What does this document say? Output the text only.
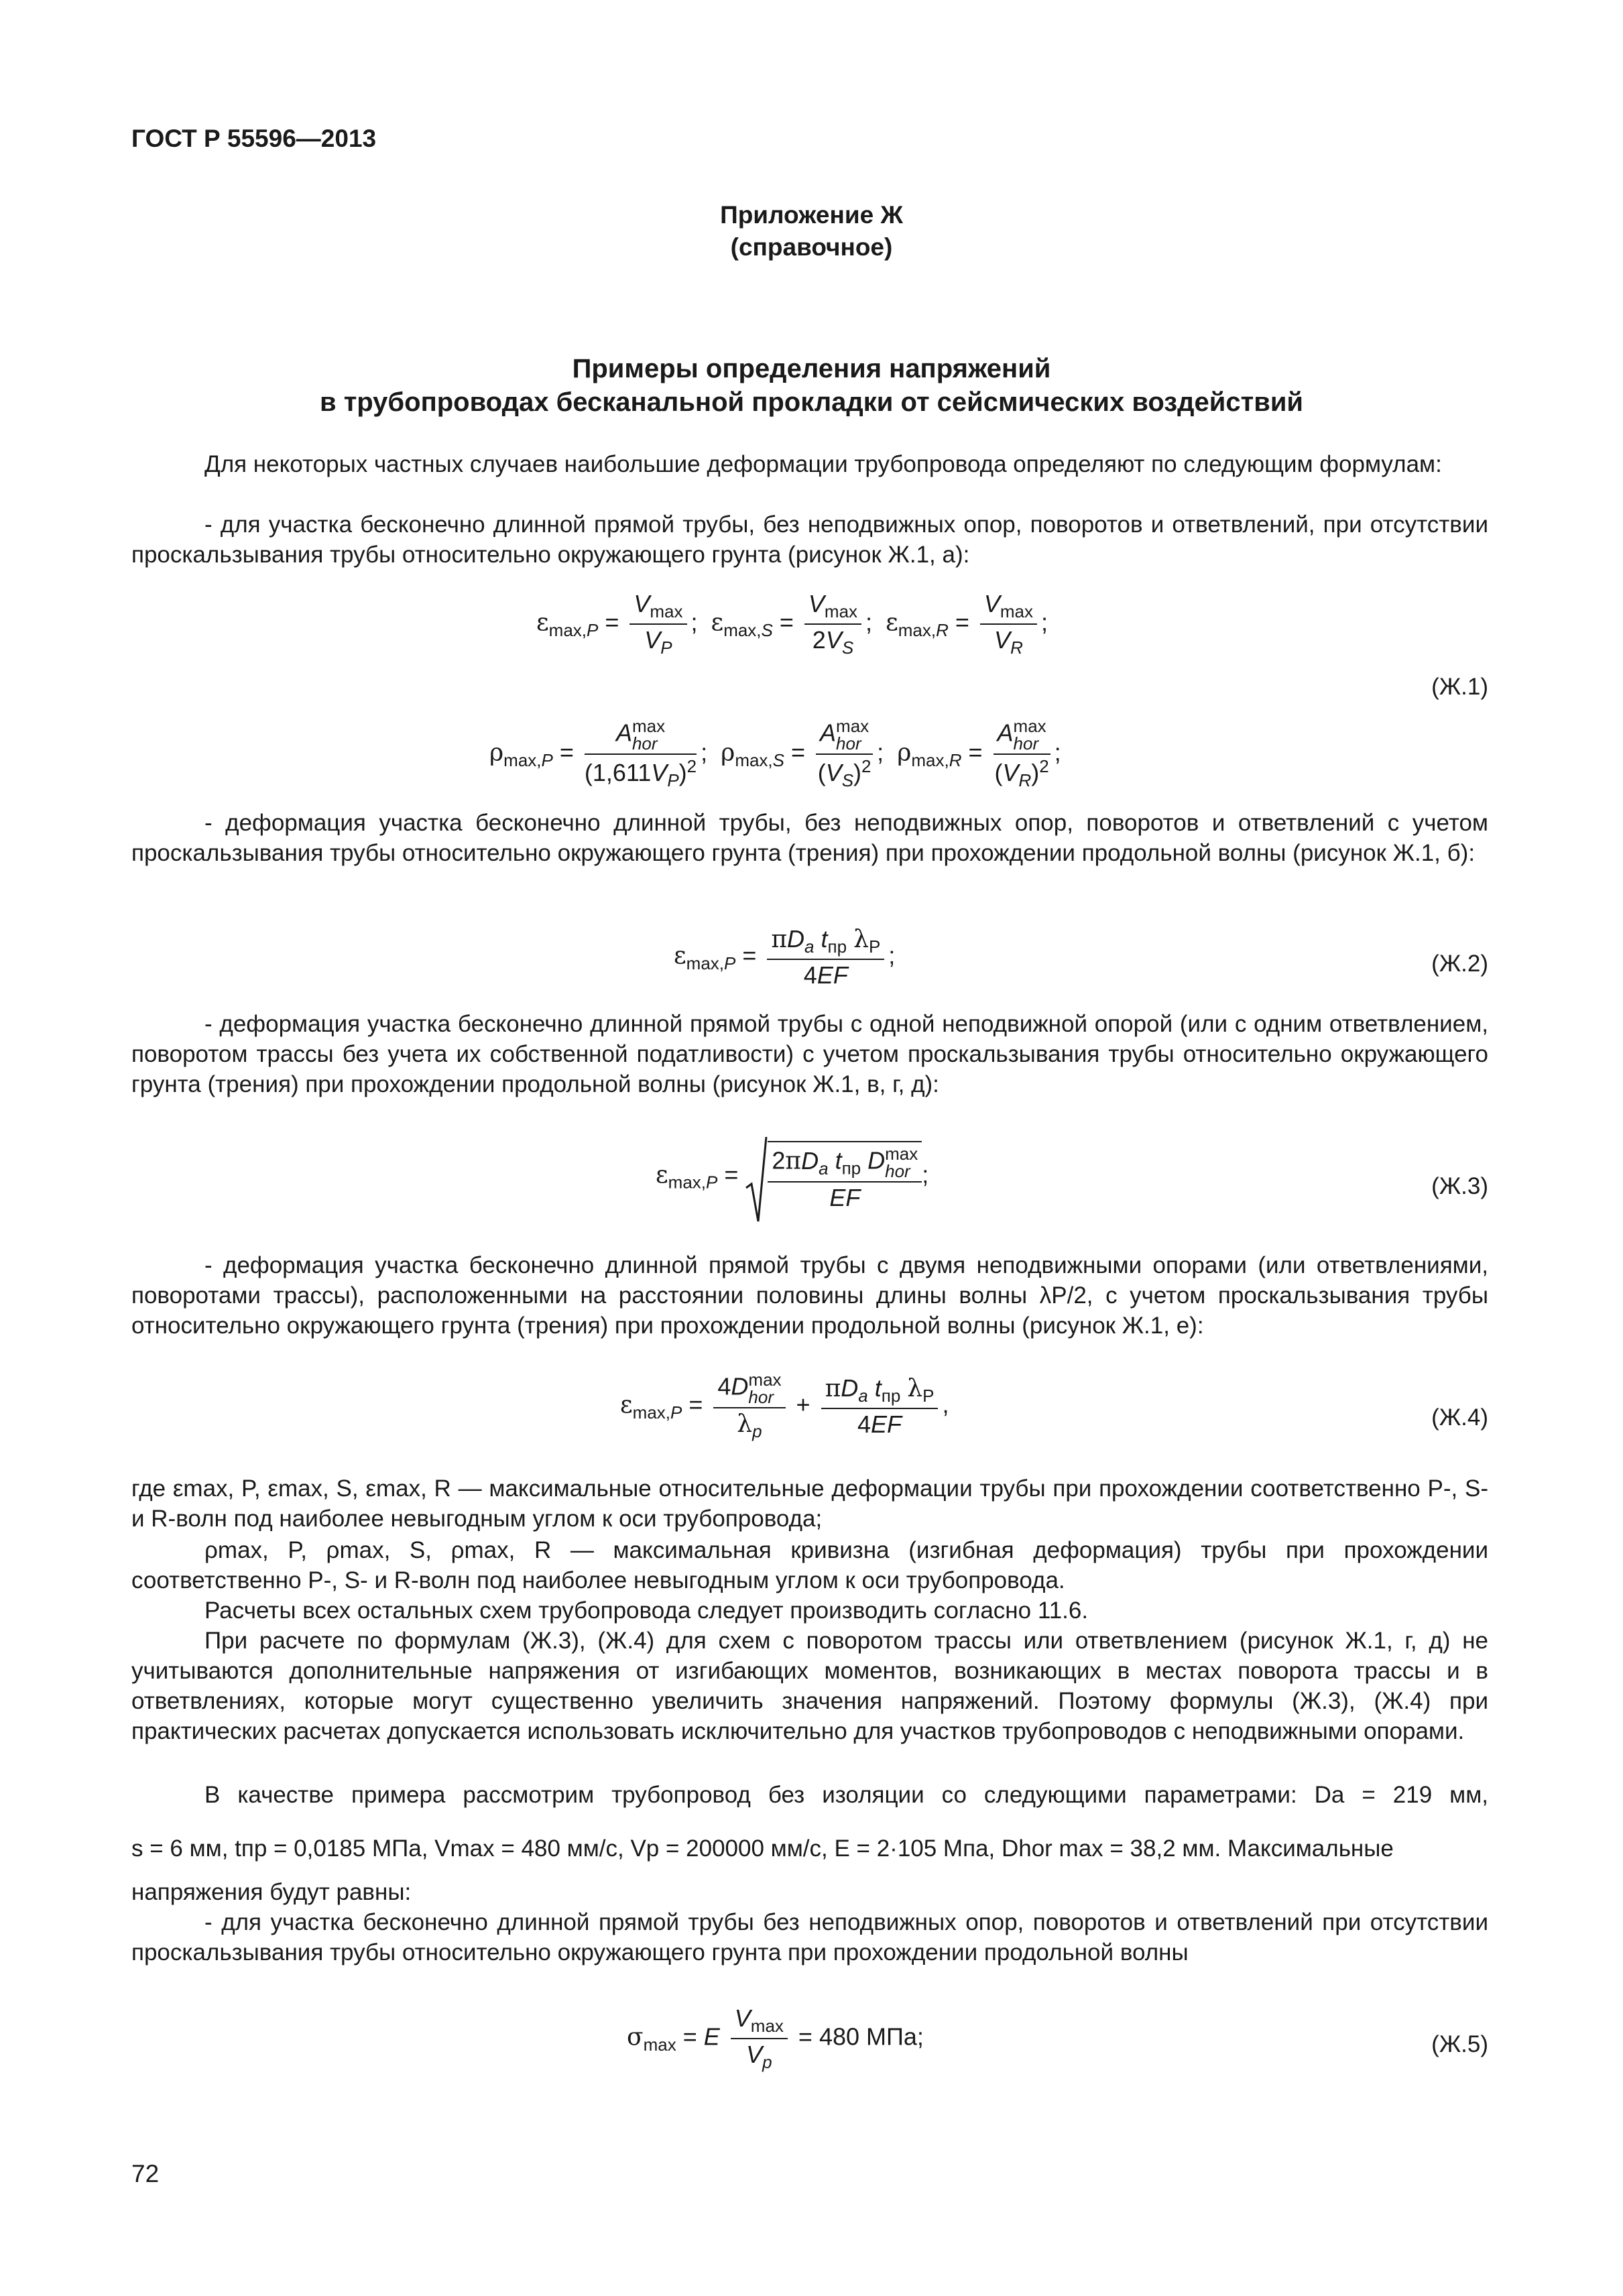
ГОСТ Р 55596—2013
Приложение Ж
(справочное)
Примеры определения напряжений
в трубопроводах бесканальной прокладки от сейсмических воздействий
Для некоторых частных случаев наибольшие деформации трубопровода определяют по следующим формулам:
- для участка бесконечно длинной прямой трубы, без неподвижных опор, поворотов и ответвлений, при отсутствии проскальзывания трубы относительно окружающего грунта (рисунок Ж.1, а):
$\varepsilon_{max,P}$ =
$V_{max}$
$V_P$
;  $\varepsilon_{max,S}$ =
$V_{max}$
$2V_S$
;  $\varepsilon_{max,R}$ =
$V_{max}$
$V_R$
;
(Ж.1)
$\rho_{max,P}$ =
Amax
hor
$(1,611V_P)^2$
;  $\rho_{max,S}$ =
Amax
hor
$(V_S)^2$
;  $\rho_{max,R}$ =
Amax
hor
$(V_R)^2$
;
- деформация участка бесконечно длинной трубы, без неподвижных опор, поворотов и ответвлений с учетом проскальзывания трубы относительно окружающего грунта (трения) при прохождении продольной волны (рисунок Ж.1, б):
$\varepsilon_{max,P}$ =
$\pi D_a$ $t_{пр}$ $\lambda_P$
4EF
;	(Ж.2)
- деформация участка бесконечно длинной прямой трубы с одной неподвижной опорой (или с одним ответвлением, поворотом трассы без учета их собственной податливости) с учетом проскальзывания трубы относительно окружающего грунта (трения) при прохождении продольной волны (рисунок Ж.1, в, г, д):
$\varepsilon_{max,P}$ =
$2\pi D_a$ $t_{пр}$ Dmax
hor
EF
;	(Ж.3)
- деформация участка бесконечно длинной прямой трубы с двумя неподвижными опорами (или ответвлениями, поворотами трассы), расположенными на расстоянии половины длины волны λP/2, с учетом проскальзывания трубы относительно окружающего грунта (трения) при прохождении продольной волны (рисунок Ж.1, е):
$\varepsilon_{max,P}$ =
4Dmax
hor
$\lambda_p$
+
$\pi D_a$ $t_{пр}$ $\lambda_P$
4EF
,	(Ж.4)
где εmax, P, εmax, S, εmax, R — максимальные относительные деформации трубы при прохождении соответственно P-, S- и R-волн под наиболее невыгодным углом к оси трубопровода;
ρmax, P, ρmax, S, ρmax, R — максимальная кривизна (изгибная деформация) трубы при прохождении соответственно P-, S- и R-волн под наиболее невыгодным углом к оси трубопровода.
Расчеты всех остальных схем трубопровода следует производить согласно 11.6.
При расчете по формулам (Ж.3), (Ж.4) для схем с поворотом трассы или ответвлением (рисунок Ж.1, г, д) не учитываются дополнительные напряжения от изгибающих моментов, возникающих в местах поворота трассы и в ответвлениях, которые могут существенно увеличить значения напряжений. Поэтому формулы (Ж.3), (Ж.4) при практических расчетах допускается использовать исключительно для участков трубопроводов с неподвижными опорами.
В качестве примера рассмотрим трубопровод без изоляции со следующими параметрами: Da = 219 мм,
s = 6 мм, tпр = 0,0185 МПа, Vmax = 480 мм/с, Vp = 200000 мм/с, E = 2·105 Мпа, Dhor max = 38,2 мм. Максимальные
напряжения будут равны:
- для участка бесконечно длинной прямой трубы без неподвижных опор, поворотов и ответвлений при отсутствии проскальзывания трубы относительно окружающего грунта при прохождении продольной волны
$\sigma_{max} = E$
$V_{max}$
$V_p$
= 480 МПа;	(Ж.5)
72
